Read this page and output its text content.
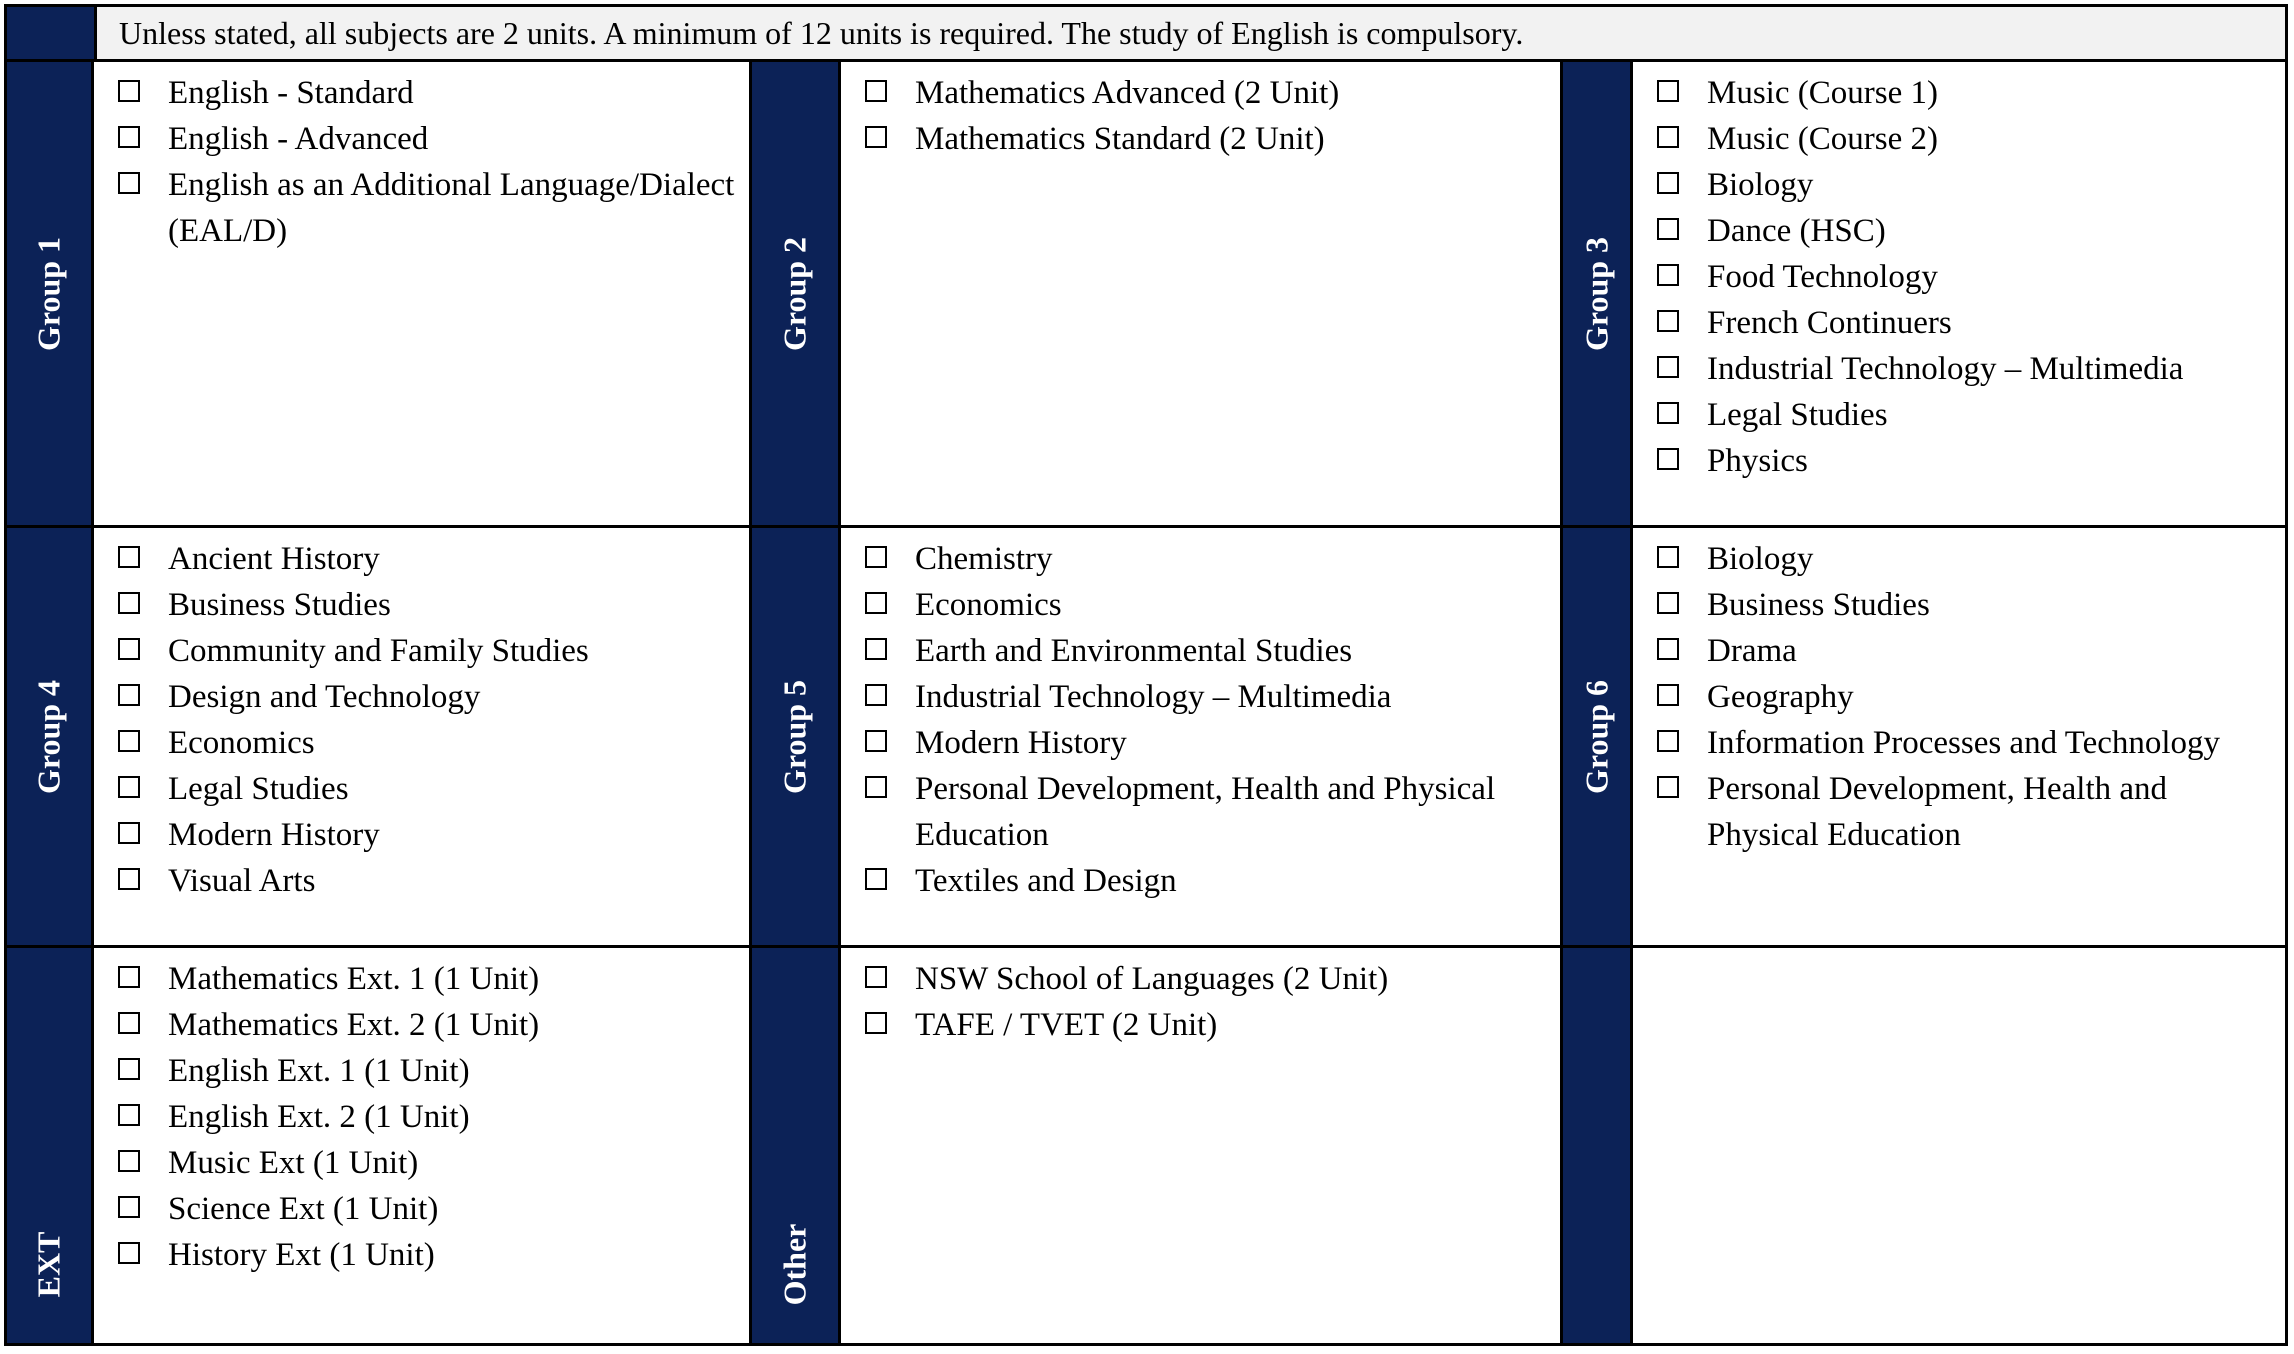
Unless stated, all subjects are 2 units. A minimum of 12 units is required. The study of English is compulsory.
Group 1
English - Standard
English - Advanced
English as an Additional Language/Dialect (EAL/D)
Group 2
Mathematics Advanced (2 Unit)
Mathematics Standard (2 Unit)
Group 3
Music (Course 1)
Music (Course 2)
Biology
Dance (HSC)
Food Technology
French Continuers
Industrial Technology – Multimedia
Legal Studies
Physics
Group 4
Ancient History
Business Studies
Community and Family Studies
Design and Technology
Economics
Legal Studies
Modern History
Visual Arts
Group 5
Chemistry
Economics
Earth and Environmental Studies
Industrial Technology – Multimedia
Modern History
Personal Development, Health and Physical Education
Textiles and Design
Group 6
Biology
Business Studies
Drama
Geography
Information Processes and Technology
Personal Development, Health and Physical Education
EXT
Mathematics Ext. 1 (1 Unit)
Mathematics Ext. 2 (1 Unit)
English Ext. 1 (1 Unit)
English Ext. 2 (1 Unit)
Music Ext (1 Unit)
Science Ext (1 Unit)
History Ext (1 Unit)	Other
NSW School of Languages (2 Unit)
TAFE / TVET (2 Unit)
